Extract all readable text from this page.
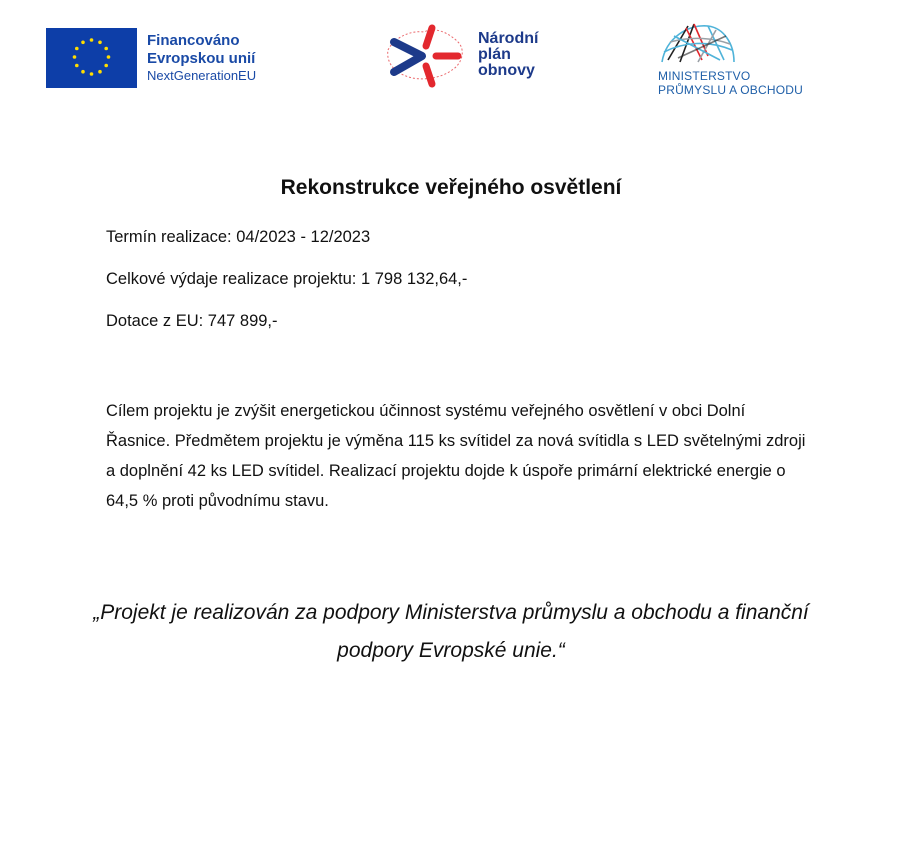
Financováno
Evropskou unií
NextGenerationEU
Národní
plán
obnovy	MINISTERSTVO
PRŮMYSLU A OBCHODU
Rekonstrukce veřejného osvětlení
Termín realizace: 04/2023 - 12/2023
Celkové výdaje realizace projektu: 1 798 132,64,-
Dotace z EU: 747 899,-
Cílem projektu je zvýšit energetickou účinnost systému veřejného osvětlení v obci Dolní Řasnice. Předmětem projektu je výměna 115 ks svítidel za nová svítidla s LED světelnými zdroji a doplnění 42 ks LED svítidel. Realizací projektu dojde k úspoře primární elektrické energie o 64,5 % proti původnímu stavu.
„Projekt je realizován za podpory Ministerstva průmyslu a obchodu a finanční podpory Evropské unie.“
